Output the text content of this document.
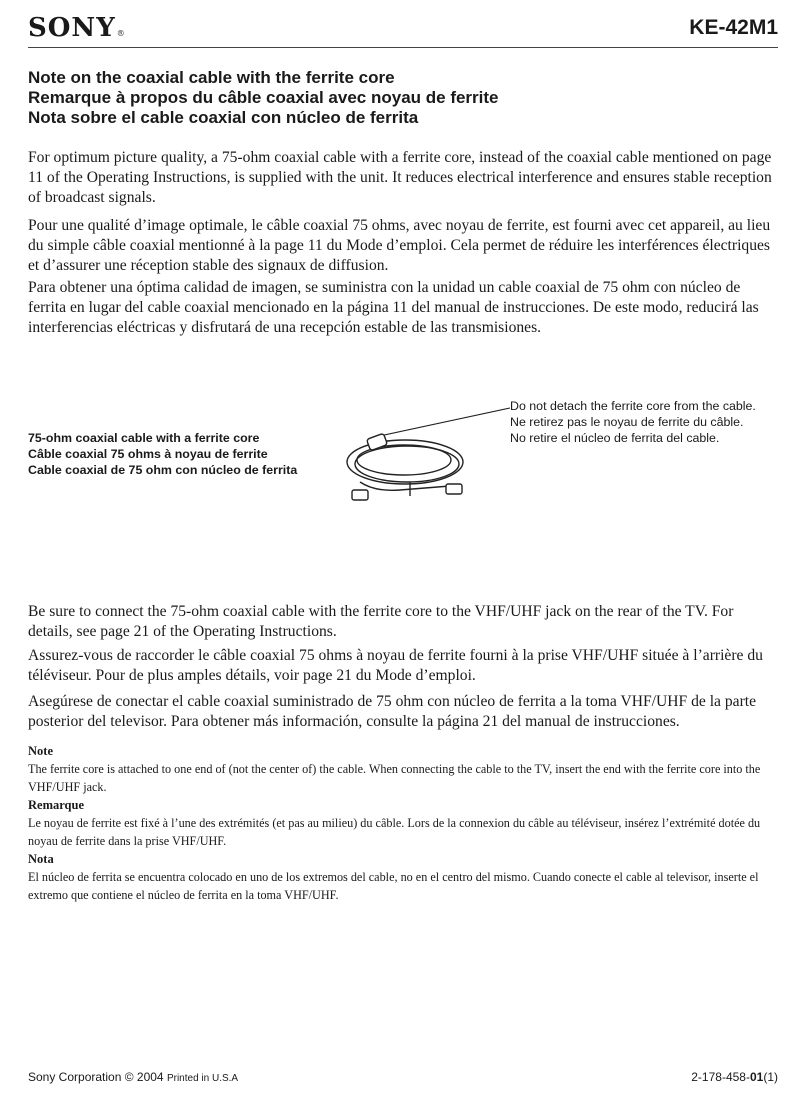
SONY®	KE-42M1
Note on the coaxial cable with the ferrite core
Remarque à propos du câble coaxial avec noyau de ferrite
Nota sobre el cable coaxial con núcleo de ferrita

For optimum picture quality, a 75-ohm coaxial cable with a ferrite core, instead of the coaxial cable mentioned on page 11 of the Operating Instructions, is supplied with the unit. It reduces electrical interference and ensures stable reception of broadcast signals.

Pour une qualité d’image optimale, le câble coaxial 75 ohms, avec noyau de ferrite, est fourni avec cet appareil, au lieu du simple câble coaxial mentionné à la page 11 du Mode d’emploi. Cela permet de réduire les interférences électriques et d’assurer une réception stable des signaux de diffusion.

Para obtener una óptima calidad de imagen, se suministra con la unidad un cable coaxial de 75 ohm con núcleo de ferrita en lugar del cable coaxial mencionado en la página 11 del manual de instrucciones. De este modo, reducirá las interferencias eléctricas y disfrutará de una recepción estable de las transmisiones.

75-ohm coaxial cable with a ferrite core
Câble coaxial 75 ohms à noyau de ferrite
Cable coaxial de 75 ohm con núcleo de ferrita
Do not detach the ferrite core from the cable.
Ne retirez pas le noyau de ferrite du câble.
No retire el núcleo de ferrita del cable.

Be sure to connect the 75-ohm coaxial cable with the ferrite core to the VHF/UHF jack on the rear of the TV. For details, see page 21 of the Operating Instructions.

Assurez-vous de raccorder le câble coaxial 75 ohms à noyau de ferrite fourni à la prise VHF/UHF située à l’arrière du téléviseur. Pour de plus amples détails, voir page 21 du Mode d’emploi.

Asegúrese de conectar el cable coaxial suministrado de 75 ohm con núcleo de ferrita a la toma VHF/UHF de la parte posterior del televisor. Para obtener más información, consulte la página 21 del manual de instrucciones.

Note

The ferrite core is attached to one end of (not the center of) the cable. When connecting the cable to the TV, insert the end with the ferrite core into the VHF/UHF jack.

Remarque

Le noyau de ferrite est fixé à l’une des extrémités (et pas au milieu) du câble. Lors de la connexion du câble au téléviseur, insérez l’extrémité dotée du noyau de ferrite dans la prise VHF/UHF.

Nota

El núcleo de ferrita se encuentra colocado en uno de los extremos del cable, no en el centro del mismo. Cuando conecte el cable al televisor, inserte el extremo que contiene el núcleo de ferrita en la toma VHF/UHF.

Sony Corporation © 2004 Printed in U.S.A	2-178-458-01(1)
